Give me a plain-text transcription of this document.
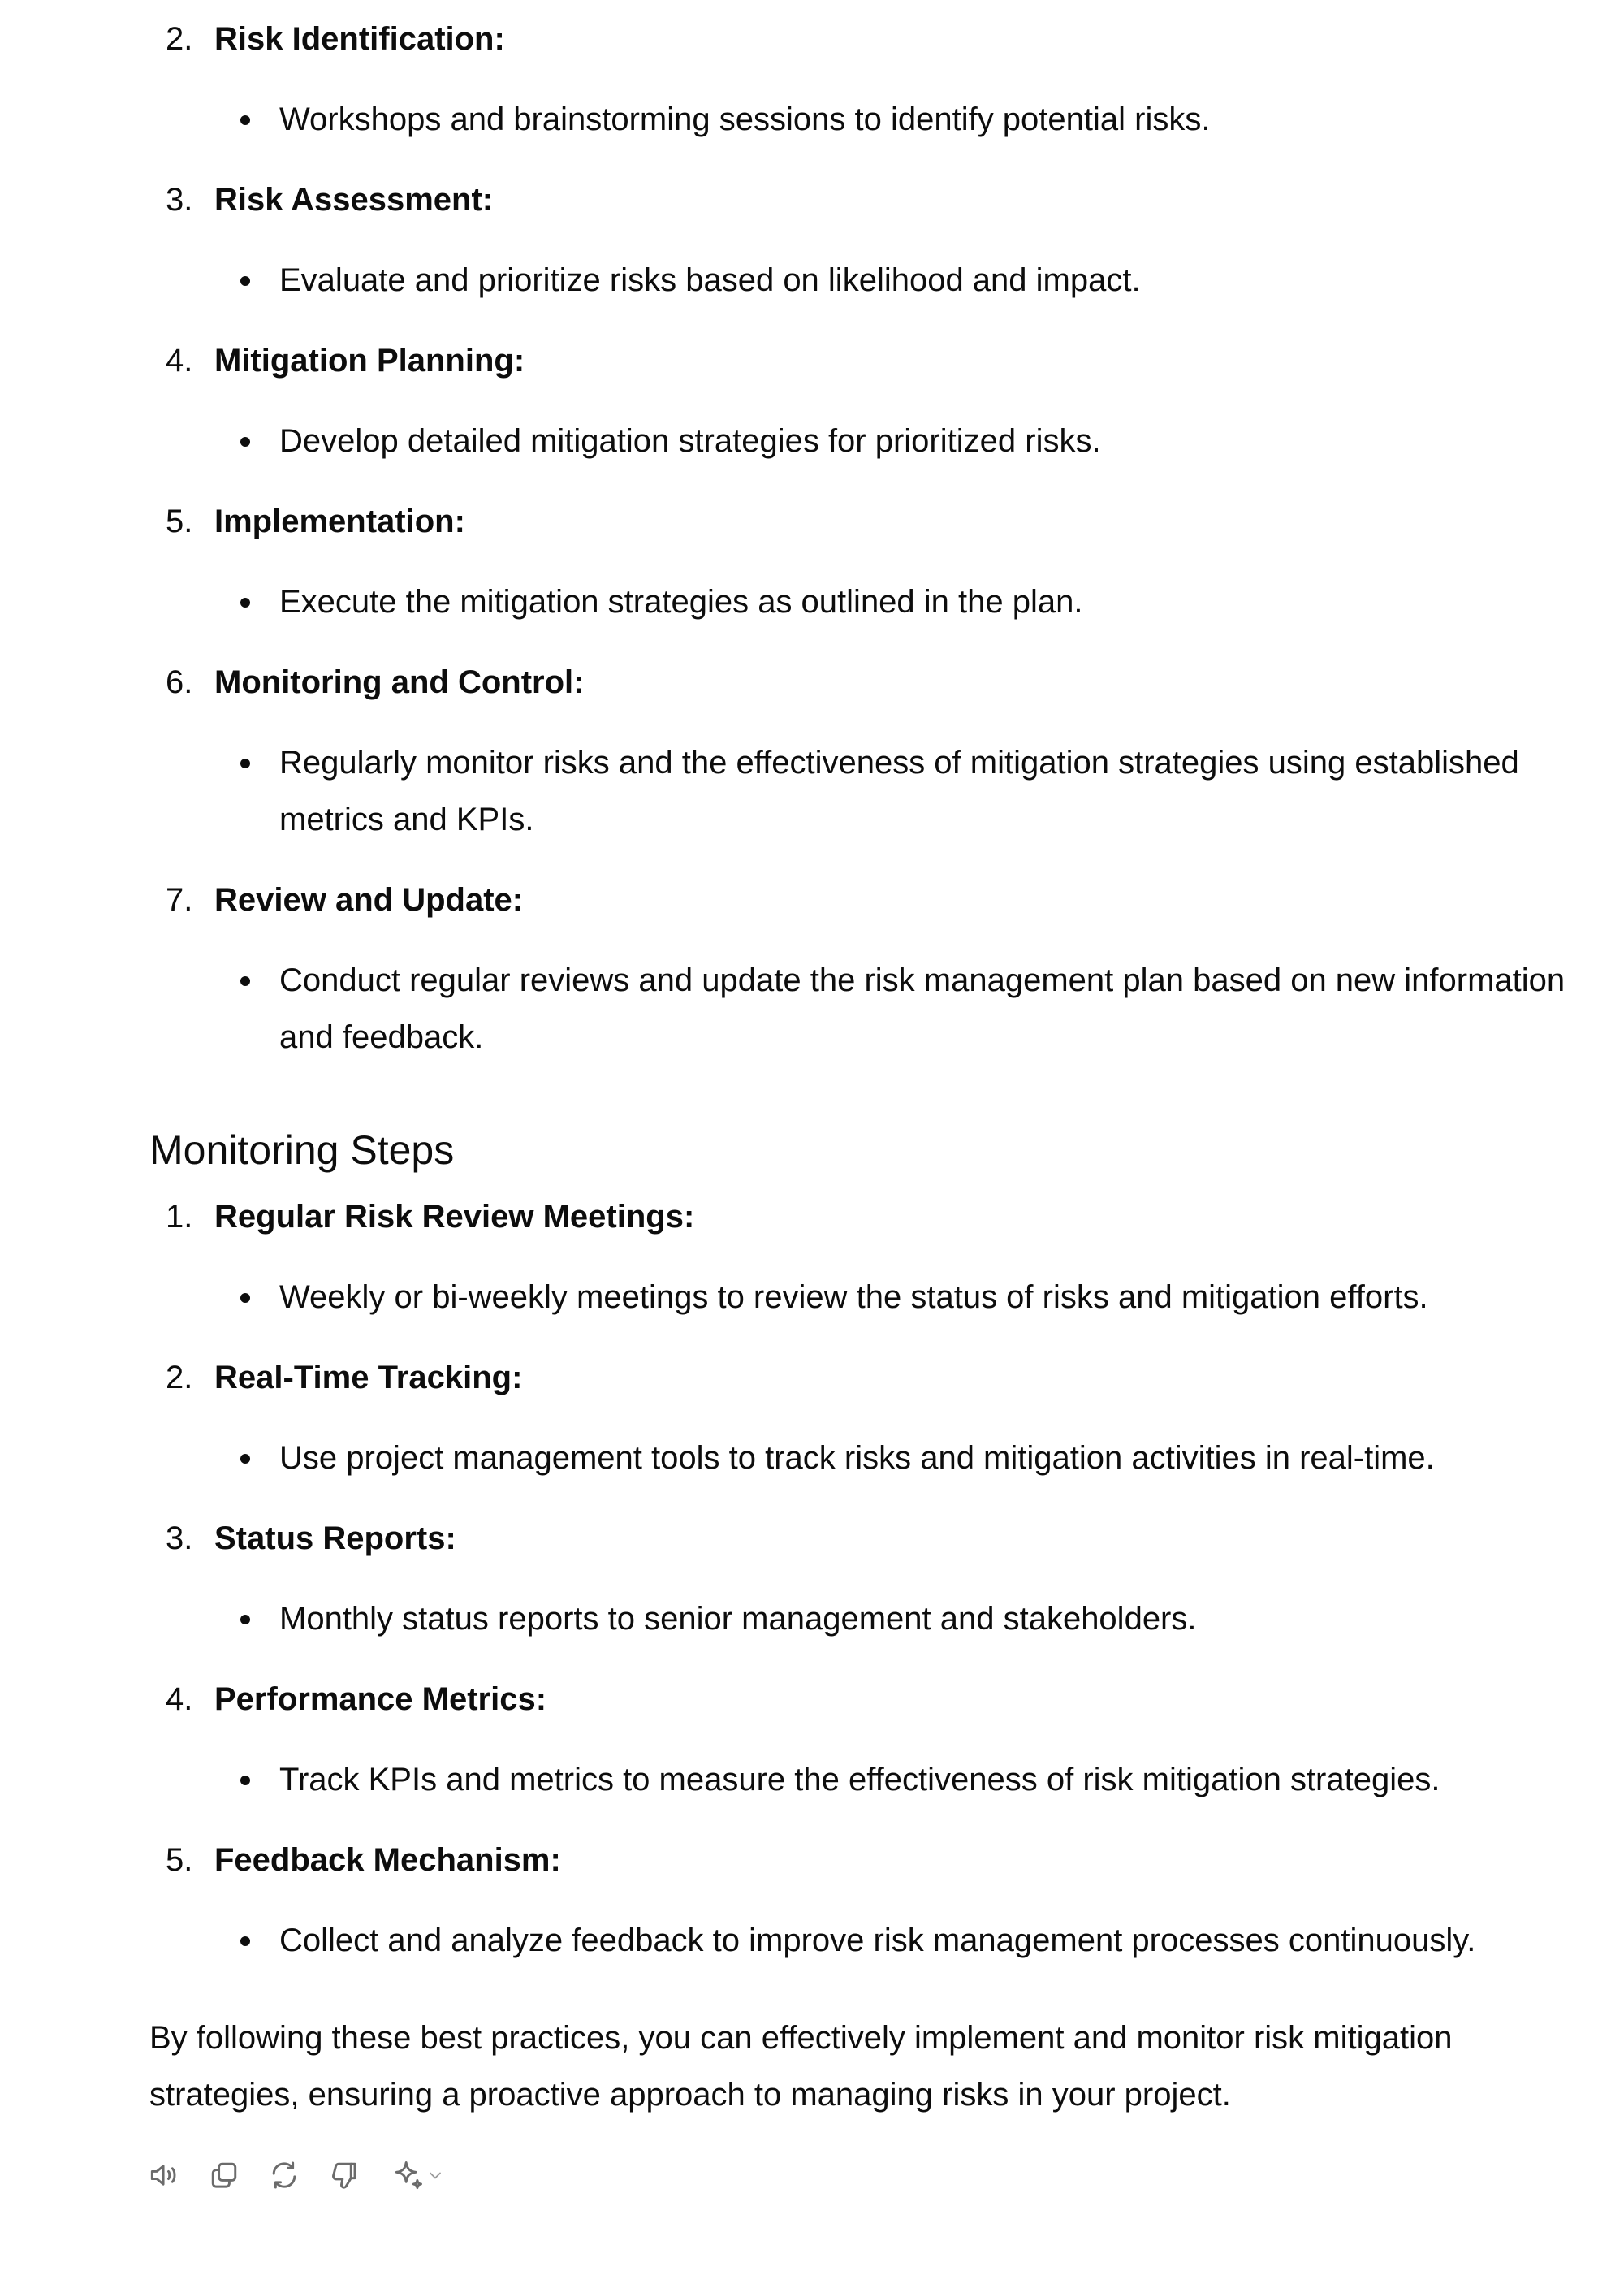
2. Risk Identification:
Workshops and brainstorming sessions to identify potential risks.
3. Risk Assessment:
Evaluate and prioritize risks based on likelihood and impact.
4. Mitigation Planning:
Develop detailed mitigation strategies for prioritized risks.
5. Implementation:
Execute the mitigation strategies as outlined in the plan.
6. Monitoring and Control:
Regularly monitor risks and the effectiveness of mitigation strategies using established metrics and KPIs.
7. Review and Update:
Conduct regular reviews and update the risk management plan based on new information and feedback.
Monitoring Steps
1. Regular Risk Review Meetings:
Weekly or bi-weekly meetings to review the status of risks and mitigation efforts.
2. Real-Time Tracking:
Use project management tools to track risks and mitigation activities in real-time.
3. Status Reports:
Monthly status reports to senior management and stakeholders.
4. Performance Metrics:
Track KPIs and metrics to measure the effectiveness of risk mitigation strategies.
5. Feedback Mechanism:
Collect and analyze feedback to improve risk management processes continuously.
By following these best practices, you can effectively implement and monitor risk mitigation strategies, ensuring a proactive approach to managing risks in your project.
